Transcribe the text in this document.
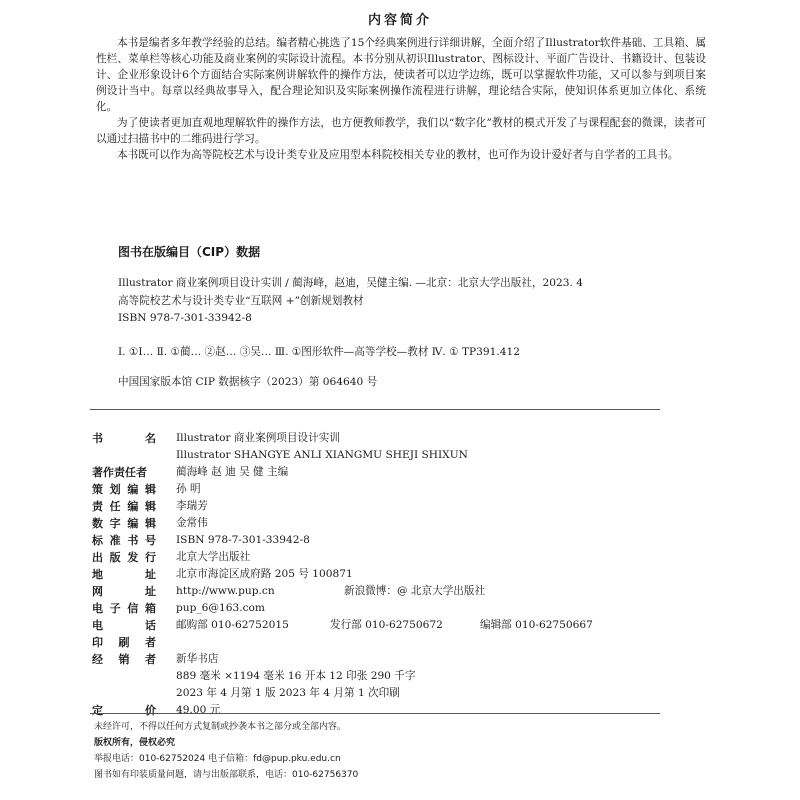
内容简介

本书是编者多年教学经验的总结。编者精心挑选了15个经典案例进行详细讲解，全面介绍了Illustrator软件基础、工具箱、属性栏、菜单栏等核心功能及商业案例的实际设计流程。本书分别从初识Illustrator、图标设计、平面广告设计、书籍设计、包装设计、企业形象设计6个方面结合实际案例讲解软件的操作方法，使读者可以边学边练，既可以掌握软件功能，又可以参与到项目案例设计当中。每章以经典故事导入，配合理论知识及实际案例操作流程进行讲解，理论结合实际，使知识体系更加立体化、系统化。

为了使读者更加直观地理解软件的操作方法，也方便教师教学，我们以“数字化”教材的模式开发了与课程配套的微课，读者可以通过扫描书中的二维码进行学习。

本书既可以作为高等院校艺术与设计类专业及应用型本科院校相关专业的教材，也可作为设计爱好者与自学者的工具书。

图书在版编目（CIP）数据
Illustrator 商业案例项目设计实训 / 蔺海峰，赵迪，吴健主编. —北京：北京大学出版社，2023. 4
高等院校艺术与设计类专业“互联网 +”创新规划教材
ISBN 978-7-301-33942-8
Ⅰ. ①I… Ⅱ. ①蔺… ②赵… ③吴… Ⅲ. ①图形软件—高等学校—教材 Ⅳ. ① TP391.412
中国国家版本馆 CIP 数据核字（2023）第 064640 号
书名 Illustrator 商业案例项目设计实训
Illustrator SHANGYE ANLI XIANGMU SHEJI SHIXUN
著作责任者	蔺海峰 赵 迪 吴 健 主编
策划编辑 孙 明
责任编辑 李瑞芳
数字编辑 金常伟
标准书号 ISBN 978-7-301-33942-8
出版发行 北京大学出版社
地址 北京市海淀区成府路 205 号 100871
网址 http://www.pup.cn	新浪微博：@ 北京大学出版社
电子信箱 pup_6@163.com
电话 邮购部 010-62752015	发行部 010-62750672	编辑部 010-62750667
印刷者
经销者 新华书店
889 毫米 ×1194 毫米 16 开本 12 印张 290 千字
2023 年 4 月第 1 版 2023 年 4 月第 1 次印刷
定价 49.00 元
未经许可，不得以任何方式复制或抄袭本书之部分或全部内容。
版权所有，侵权必究
举报电话：010-62752024 电子信箱：fd@pup.pku.edu.cn
图书如有印装质量问题，请与出版部联系，电话：010-62756370
